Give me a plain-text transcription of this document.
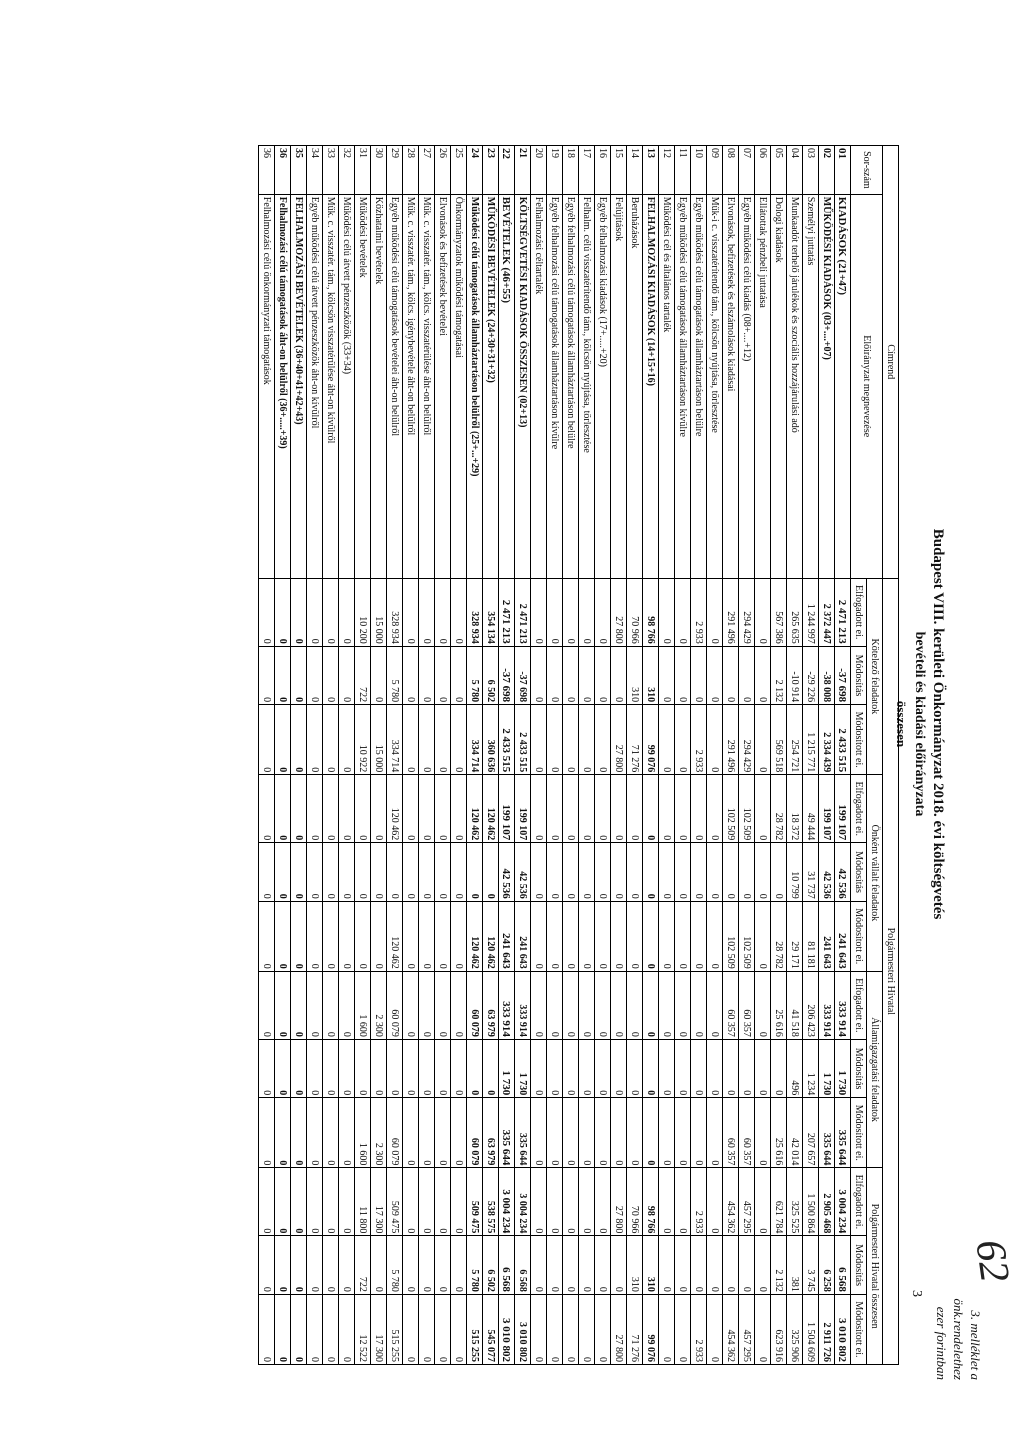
62
3. melléklet a
önk.rendelethez
ezer forintban
Budapest VIII. kerületi Önkormányzat 2018. évi költségvetés
bevételi és kiadási előirányzata
összesen
Címrend		Polgármesteri Hivatal											
Sor-szám	Előirányzat megnevezése	Kötelező feladatok			Önként vállalt feladatok			Államigazgatási feladatok			Polgármesteri Hivatal összesen		
		Elfogadott ei.	Módosítás	Módosított ei.	Elfogadott ei.	Módosítás	Módosított ei.	Elfogadott ei.	Módosítás	Módosított ei.	Elfogadott ei.	Módosítás	Módosított ei.
01	KIADÁSOK (21+47)	2 471 213	-37 698	2 433 515	199 107	42 536	241 643	333 914	1 730	335 644	3 004 234	6 568	3 010 802
02	MŰKÖDÉSI KIADÁSOK (03+....+07)	2 372 447	-38 008	2 334 439	199 107	42 536	241 643	333 914	1 730	335 644	2 905 468	6 258	2 911 726
03	Személyi juttatás	1 244 997	-29 226	1 215 771	49 444	31 737	81 181	206 423	1 234	207 657	1 500 864	3 745	1 504 609
04	Munkaadót terhelő járulékok és szociális hozzájárulási adó	265 635	-10 914	254 721	18 372	10 799	29 171	41 518	496	42 014	325 525	381	325 906
05	Dologi kiadások	567 386	2 132	569 518	28 782	0	28 782	25 616	0	25 616	621 784	2 132	623 916
06	Ellátottak pénzbeli juttatása	0	0	0	0	0	0	0	0	0	0	0	0
07	Egyéb működési célú kiadás (08+....+12)	294 429	0	294 429	102 509	0	102 509	60 357	0	60 357	457 295	0	457 295
08	Elvonások, befizetések és elszámolások kiadásai	291 496	0	291 496	102 509	0	102 509	60 357	0	60 357	454 362	0	454 362
09	Műk-i c. visszatérítendő tám., kölcsön nyújtása, törlesztése	0	0	0	0	0	0	0	0	0	0	0	0
10	Egyéb működési célú támogatások államháztartáson belülre	2 933	0	2 933	0	0	0	0	0	0	2 933	0	2 933
11	Egyéb működési célú támogatások államháztartáson kívülre	0	0	0	0	0	0	0	0	0	0	0	0
12	Működési cél és általános tartalék	0	0	0	0	0	0	0	0	0	0	0	0
13	FELHALMOZÁSI KIADÁSOK (14+15+16)	98 766	310	99 076	0	0	0	0	0	0	98 766	310	99 076
14	Beruházások	70 966	310	71 276	0	0	0	0	0	0	70 966	310	71 276
15	Felújítások	27 800	0	27 800	0	0	0	0	0	0	27 800	0	27 800
16	Egyéb felhalmozási kiadások (17+.....+20)	0	0	0	0	0	0	0	0	0	0	0	0
17	Felhalm. célú visszatérítendő tám., kölcsön nyújtása, törlesztése	0	0	0	0	0	0	0	0	0	0	0	0
18	Egyéb felhalmozási célú támogatások államháztartáson belülre	0	0	0	0	0	0	0	0	0	0	0	0
19	Egyéb felhalmozási célú támogatások államháztartáson kívülre	0	0	0	0	0	0	0	0	0	0	0	0
20	Felhalmozási céltartalék	0	0	0	0	0	0	0	0	0	0	0	0
21	KÖLTSÉGVETÉSI KIADÁSOK ÖSSZESEN (02+13)	2 471 213	-37 698	2 433 515	199 107	42 536	241 643	333 914	1 730	335 644	3 004 234	6 568	3 010 802
22	BEVÉTELEK (46+55)	2 471 213	-37 698	2 433 515	199 107	42 536	241 643	333 914	1 730	335 644	3 004 234	6 568	3 010 802
23	MŰKÖDÉSI BEVÉTELEK (24+30+31+32)	354 134	6 502	360 636	120 462	0	120 462	63 979	0	63 979	538 575	6 502	545 077
24	Működési célú támogatások államháztartáson belülről (25+...+29)	328 934	5 780	334 714	120 462	0	120 462	60 079	0	60 079	509 475	5 780	515 255
25	Önkormányzatok működési támogatásai	0	0	0	0	0	0	0	0	0	0	0	0
26	Elvonások és befizetések bevételei	0	0	0	0	0	0	0	0	0	0	0	0
27	Műk. c. visszatér. tám., kölcs. visszatérülése áht-on belülről	0	0	0	0	0	0	0	0	0	0	0	0
28	Műk. c. visszatér. tám., kölcs. igénybevétele áht-on belülről	0	0	0	0	0	0	0	0	0	0	0	0
29	Egyéb működési célú támogatások bevételei áht-on belülről	328 934	5 780	334 714	120 462	0	120 462	60 079	0	60 079	509 475	5 780	515 255
30	Közhatalmi bevételek	15 000	0	15 000	0	0	0	2 300	0	2 300	17 300	0	17 300
31	Működési bevételek	10 200	722	10 922	0	0	0	1 600	0	1 600	11 800	722	12 522
32	Működési célú átvett pénzeszközök (33+34)	0	0	0	0	0	0	0	0	0	0	0	0
33	Műk. c. visszatér. tám., kölcsön visszatérülése áht-on kívülről	0	0	0	0	0	0	0	0	0	0	0	0
34	Egyéb működési célú átvett pénzeszközök áht-on kívülről	0	0	0	0	0	0	0	0	0	0	0	0
35	FELHALMOZÁSI BEVÉTELEK (36+40+41+42+43)	0	0	0	0	0	0	0	0	0	0	0	0
36	Felhalmozási célú támogatások áht-on belülről (36+.....+39)	0	0	0	0	0	0	0	0	0	0	0	0
36	Felhalmozási célú önkormányzati támogatások	0	0	0	0	0	0	0	0	0	0	0	0
3
